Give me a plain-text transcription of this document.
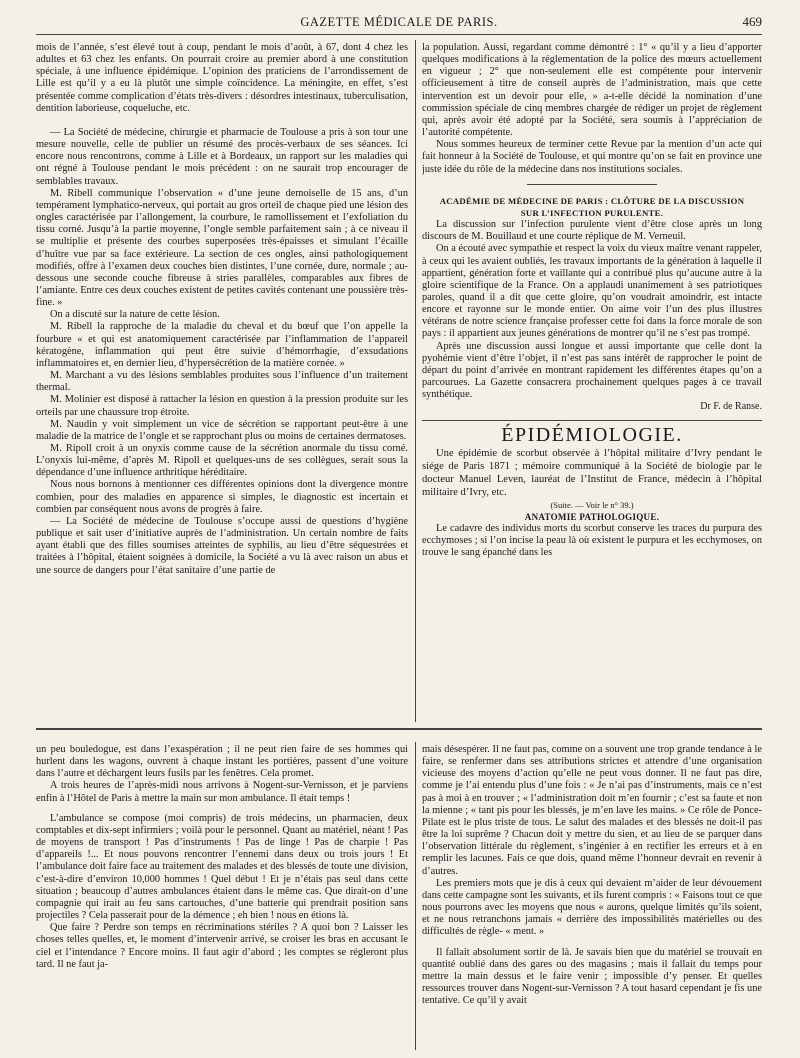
GAZETTE MÉDICALE DE PARIS.	469

mois de l’année, s’est élevé tout à coup, pendant le mois d’août, à 67, dont 4 chez les adultes et 63 chez les enfants. On pourrait croire au premier abord à une constitution spéciale, à une influence épidémique. L’opinion des praticiens de l’arrondissement de Lille est qu’il y a eu là plutôt une simple coïncidence. La méningite, en effet, s’est présentée comme complication d’états très-divers : désordres intestinaux, tuberculisation, dentition laborieuse, coqueluche, etc.

— La Société de médecine, chirurgie et pharmacie de Toulouse a pris à son tour une mesure nouvelle, celle de publier un résumé des procès-verbaux de ses séances. Ici encore nous rencontrons, comme à Lille et à Bordeaux, un rapport sur les maladies qui ont régné à Toulouse pendant le mois précédent : on ne saurait trop encourager de semblables travaux.

M. Ribell communique l’observation « d’une jeune demoiselle de 15 ans, d’un tempérament lymphatico-nerveux, qui portait au gros orteil de chaque pied une lésion des ongles caractérisée par l’allongement, la courbure, le ramollissement et l’exfoliation du tissu corné. Jusqu’à la partie moyenne, l’ongle semble parfaitement sain ; à ce niveau il se multiplie et présente des courbes superposées très-épaisses et simulant l’écaille d’huître vue par sa face extérieure. La section de ces ongles, ainsi pathologiquement modifiés, offre à l’examen deux couches bien distintes, l’une cornée, dure, normale ; au-dessous une seconde couche fibreuse à stries parallèles, comparables aux fibres de l’amiante. Entre ces deux couches existent de petites cavités contenant une poussière très-fine. »

On a discuté sur la nature de cette lésion.

M. Ribell la rapproche de la maladie du cheval et du bœuf que l’on appelle la fourbure « et qui est anatomiquement caractérisée par l’inflammation de l’appareil kératogène, inflammation qui peut être suivie d’hémorrhagie, d’exsudations inflammatoires et, en dernier lieu, d’hypersécrétion de la matière cornée. »

M. Marchant a vu des lésions semblables produites sous l’influence d’un traitement thermal.

M. Molinier est disposé à rattacher la lésion en question à la pression produite sur les orteils par une chaussure trop étroite.

M. Naudin y voit simplement un vice de sécrétion se rapportant peut-être à une maladie de la matrice de l’ongle et se rapprochant plus ou moins de certaines dermatoses.

M. Ripoll croit à un onyxis comme cause de la sécrétion anormale du tissu corné. L’onyxis lui-même, d’après M. Ripoll et quelques-uns de ses collègues, serait sous la dépendance d’une influence arthritique héréditaire.

Nous nous bornons à mentionner ces différentes opinions dont la divergence montre combien, pour des maladies en apparence si simples, le diagnostic est incertain et combien par conséquent nous avons de progrès à faire.

— La Société de médecine de Toulouse s’occupe aussi de questions d’hygiène publique et sait user d’initiative auprès de l’administration. Un certain nombre de faits ayant établi que des filles soumises atteintes de syphilis, au lieu d’être séquestrées et traitées à l’hôpital, étaient soignées à domicile, la Société a vu là avec raison un abus et une source de dangers pour l’état sanitaire d’une partie de

la population. Aussi, regardant comme démontré : 1° « qu’il y a lieu d’apporter quelques modifications à la réglementation de la police des mœurs actuellement en vigueur ; 2° que non-seulement elle est compétente pour intervenir officieusement à titre de conseil auprès de l’administration, mais que cette intervention est un devoir pour elle, » a-t-elle décidé la nomination d’une commission spéciale de cinq membres chargée de rédiger un projet de règlement qui, après avoir été adopté par la Société, sera soumis à l’appréciation de l’autorité compétente.

Nous sommes heureux de terminer cette Revue par la mention d’un acte qui fait honneur à la Société de Toulouse, et qui montre qu’on se fait en province une juste idée du rôle de la médecine dans nos institutions sociales.

ACADÉMIE DE MÉDECINE DE PARIS : CLÔTURE DE LA DISCUSSION

SUR L’INFECTION PURULENTE.

La discussion sur l’infection purulente vient d’être close après un long discours de M. Bouillaud et une courte réplique de M. Verneuil.

On a écouté avec sympathie et respect la voix du vieux maître venant rappeler, à ceux qui les avaient oubliés, les travaux importants de la génération à laquelle il appartient, génération forte et vaillante qui a contribué plus qu’aucune autre à la gloire scientifique de la France. On a applaudi unanimement à ses patriotiques paroles, quand il a dit que cette gloire, qu’on voudrait amoindrir, est intacte encore et rayonne sur le monde entier. On aime voir l’un des plus illustres vétérans de notre science française professer cette foi dans la force morale de son pays : il appartient aux jeunes générations de montrer qu’il ne s’est pas trompé.

Après une discussion aussi longue et aussi importante que celle dont la pyohémie vient d’être l’objet, il n’est pas sans intérêt de rapprocher le point de départ du point d’arrivée en montrant rapidement les différentes étapes qu’on a parcourues. La Gazette consacrera prochainement quelques pages à ce travail synthétique.

Dr F. de Ranse.

ÉPIDÉMIOLOGIE.

Une épidémie de scorbut observée à l’hôpital militaire d’Ivry pendant le siége de Paris 1871 ; mémoire communiqué à la Société de biologie par le docteur Manuel Leven, lauréat de l’Institut de France, médecin à l’hôpital militaire d’Ivry, etc.

(Suite. — Voir le n° 39.)

ANATOMIE PATHOLOGIQUE.

Le cadavre des individus morts du scorbut conserve les traces du purpura des ecchymoses ; si l’on incise la peau là où existent le purpura et les ecchymoses, on trouve le sang épanché dans les

un peu bouledogue, est dans l’exaspération ; il ne peut rien faire de ses hommes qui hurlent dans les wagons, ouvrent à chaque instant les portières, passent d’une voiture dans l’autre et déchargent leurs fusils par les fenêtres. Cela promet.

A trois heures de l’après-midi nous arrivons à Nogent-sur-Vernisson, et je parviens enfin à l’Hôtel de Paris à mettre la main sur mon ambulance. Il était temps !

L’ambulance se compose (moi compris) de trois médecins, un pharmacien, deux comptables et dix-sept infirmiers ; voilà pour le personnel. Quant au matériel, néant ! Pas de moyens de transport ! Pas d’instruments ! Pas de linge ! Pas de charpie ! Pas d’appareils !... Et nous pouvons rencontrer l’ennemi dans deux ou trois jours ! Et l’ambulance doit faire face au traitement des malades et des blessés de toute une division, c’est-à-dire d’environ 10,000 hommes ! Quel début ! Et je n’étais pas seul dans cette situation ; beaucoup d’autres ambulances étaient dans le même cas. Que dirait-on d’une compagnie qui irait au feu sans cartouches, d’une batterie qui prendrait position sans projectiles ? Cela passerait pour de la démence ; eh bien ! nous en étions là.

Que faire ? Perdre son temps en récriminations stériles ? A quoi bon ? Laisser les choses telles quelles, et, le moment d’intervenir arrivé, se croiser les bras en accusant le ciel et l’intendance ? Encore moins. Il faut agir d’abord ; les comptes se régleront plus tard. Il ne faut ja-

mais désespérer. Il ne faut pas, comme on a souvent une trop grande tendance à le faire, se renfermer dans ses attributions strictes et attendre d’une organisation vicieuse des moyens d’action qu’elle ne peut vous donner. Il ne faut pas dire, comme je l’ai entendu plus d’une fois : « Je n’ai pas d’instruments, mais ce n’est pas à moi à en trouver ; « l’administration doit m’en fournir ; c’est sa faute et non la mienne ; « tant pis pour les blessés, je m’en lave les mains. » Ce rôle de Ponce-Pilate est le plus triste de tous. Le salut des malades et des blessés ne doit-il pas être la loi suprême ? Chacun doit y mettre du sien, et au lieu de se parquer dans l’observation littérale du règlement, s’ingénier à en rectifier les erreurs et à en remplir les lacunes. Fais ce que dois, quand même l’honneur devrait en revenir à d’autres.

Les premiers mots que je dis à ceux qui devaient m’aider de leur dévouement dans cette campagne sont les suivants, et ils furent compris : « Faisons tout ce que nous pourrons avec les moyens que nous « aurons, quelque limités qu’ils soient, et ne nous retranchons jamais « derrière des impossibilités matérielles ou des difficultés de règle- « ment. »

Il fallait absolument sortir de là. Je savais bien que du matériel se trouvait en quantité oublié dans des gares ou des magasins ; mais il fallait du temps pour mettre la main dessus et le faire venir ; impossible d’y penser. Et quelles ressources trouver dans Nogent-sur-Vernisson ? A tout hasard cependant je fis une tentative. Ce qu’il y avait
